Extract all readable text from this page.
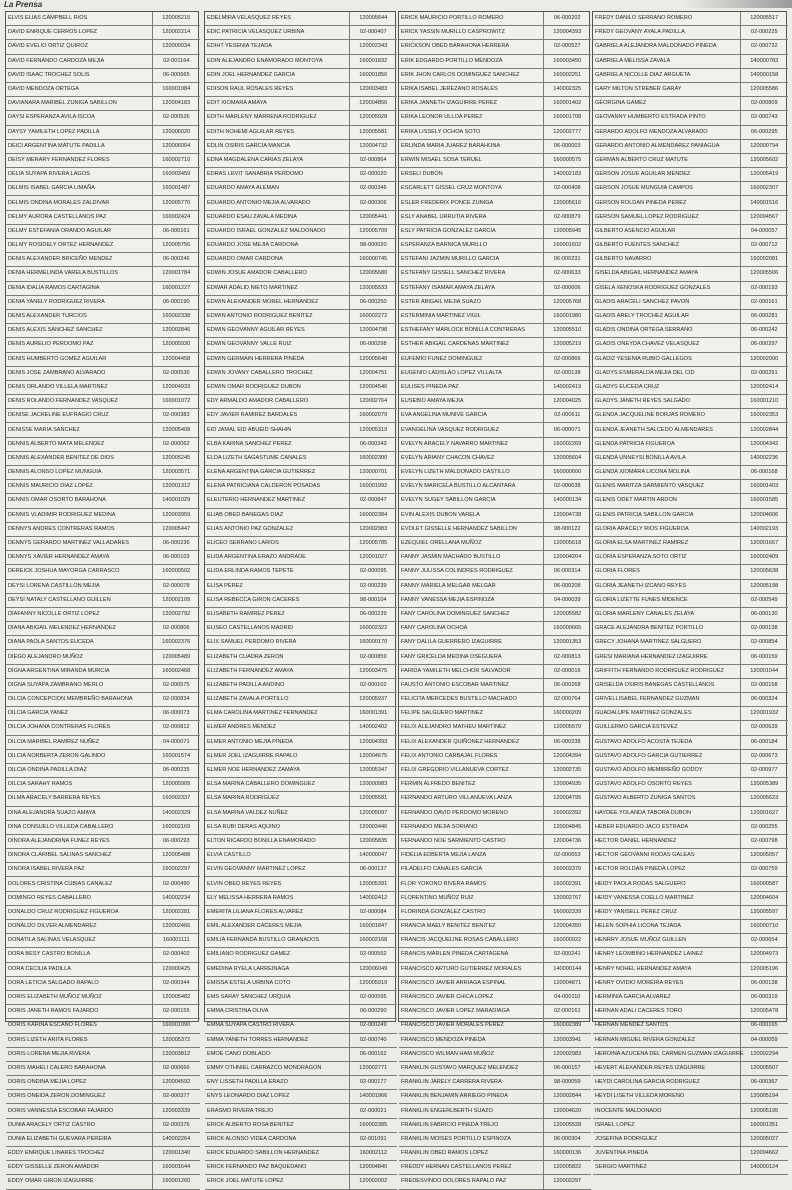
La Prensa
ELVIS ELIAS CAMPBELL RIOS	120005215
DAVID ENRIQUE CERROS LOPEZ	120002214
DAVID EVELIO ORTIZ QUIROZ	120000034
DAVID FERNANDO CARDOZA MEJIA	02-001164
DAVID ISAAC TROCHEZ SOLIS	06-000665
DAVID MENDOZA ORTEGA	160001984
DAVIANARA MARIBEL ZUNIGA SABILLON	120004183
DAYSI ESPERANZA AVILA ISCOA	02-000526
DAYSY YAMILETH LOPEZ PADILLA	120006020
DEICI ARGENTINA MATUTE PADILLA	120006004
DEISY MERARY FERNANDEZ FLORES	160002710
DELIA SUYAPA RIVERA LAGOS	160003459
DELMIS ISABEL GARCIA LIMAÑA	160001487
DELMIS ONDINA MORALES ZALDIVAR	120005770
DELMY AURORA CASTELLANOS PAZ	160002424
DELMY ESTEFANIA ORANDO AGUILAR	06-000161
DELMY ROSIDELY ORTEZ HERNANDEZ	120005756
DENIS ALEXANDER BRICEÑO MENDEZ	06-000246
DENIA HERMELINDA VARELA BUSTILLOS	120001784
DENIA IDALIA RAMOS CARTAGINA	160001227
DENIA YANELY RODRIGUEZ RIVERA	06-000190
DENIS ALEXANDER TURCIOS	160002338
DENIS ALEXIS SANCHEZ SANCHEZ	120002846
DENIS AURELIO PERDOMO PAZ	120005930
DENIS HUMBERTO GOMEZ AGUILAR	120004458
DENIS JOSE ZAMBRANO ALVARADO	02-000536
DENIS ORLANDO VILLELA MARTINEZ	120004933
DENIS ROLANDO FERNANDEZ VASQUEZ	160001072
DENISE JACKELINE EUFRAGIO CRUZ	02-000383
DENISSE MARIA SANCHEZ	120005408
DENNIS ALBERTO MATA MELENDEZ	02-000062
DENNIS ALEXANDER BENITEZ DE DIOS	120005245
DENNIS ALONSO LOPEZ MUNGUIA	120003571
DENNIS MAURICIO DIAZ LOPEZ	120001312
DENNIS OMAR OSORTO BARAHONA	140001029
DENNIS VLADIMIR RODRIGUEZ MEDINA	120003959
DENNYS ANDRES CONTRERAS RAMOS	120005447
DENNYS GERARDO MARTINEZ VALLADARES	06-000236
DENNYS XAVIER HERNANDEZ AMAYA	06-000103
DEREICK JOSHUA MAYORGA CARRASCO	160000502
DEYSI LORENA CASTILLON MEJIA	02-000078
DEYSI NATALY CASTELLANO GUILLEN	120002109
DIAFANNY NICOLLE ORTIZ LOPEZ	120002792
DIANA ABIGAIL MELENDEZ HERNANDEZ	02-000806
DIANA PAOLA SANTOS EUCEDA	160002376
DIEGO ALEJANDRO MUÑOZ	120005489
DIGNA ARGENTINA MIRANDA MURCIA	160002468
DIGNA SUYAPA ZAMBRANO MERLO	02-000575
DILCIA CONCEPCION MEMBREÑO BARAHONA	02-000834
DILCIA GARCIA YANEZ	06-000073
DILCIA JOHANA CONTRERAS FLORES	02-000812
DILCIA MARIBEL RAMIREZ NUÑEZ	04-000071
DILCIA NORBERTA ZERON GALINDO	160001574
DILCIA ONDINA PADILLA DIAZ	06-000235
DILCIA SARAHY RAMOS	120005909
DILMA ARACELY BARRERA REYES	160002337
DINA ALEJANDRA SUAZO AMAYA	140002329
DINA CONSUELO VILLEDA CABALLERO	160002169
DINORA ALEJANDRINA FUNEZ REYES	06-000293
DINORA CLARIBEL SALINAS SANCHEZ	120005488
DINORA ISABEL RIVERA PAZ	160002297
DOLORES CRISTINA CUBIAS CANALEZ	02-000490
DOMINGO REYES CABALLERO	140002234
DONALDO CRUZ RODRIGUEZ FIGUEROA	120002281
DONALDO DILVER ALMENDAREZ	120002466
DONATILA SALINAS VELASQUEZ	160001111
DORA BESY CASTRO BONILLA	02-000402
DORA CECILIA PADILLA	120000425
DORA LETICIA SALGADO RAPALO	02-000344
DORIS ELIZABETH MUÑOZ MUÑOZ	120005482
DORIS JANETH RAMOS FAJARDO	02-000155
DORIS KARINA ESCAÑO FLORES	160001090
DORIS LIZETH ARITA FLORES	120005372
DORIS LORENA MEJIA RIVERA	120003812
DORIS MAHELI CALERO BARAHONA	02-000666
DORIS ONDINA MEJIA LOPEZ	120004592
DORIS ONEIDA ZERON DOMINGUEZ	02-000377
DORIS VANNESSA ESCOBAR FAJARDO	120003339
DUNIA ARACELY ORTIZ CASTRO	02-000376
DUNIA ELIZABETH GUEVARA PEREIRA	140002264
EDDY ENRIQUE LINARES TROCHEZ	120001340
EDDY GISSELLE ZERON AMADOR	160001644
EDDY OMAR GIRON IZAGUIRRE	160001260
EDELMIRA VELASQUEZ REYES	120005644
EDIC PATRICIA VELASQUEZ URBINA	02-000407
EDIHT YESENIA TEJADA	120002343
EDIN ALEJANDRO ENAMORADO MONTOYA	160001832
EDIN JOEL HERNANDEZ GARCIA	160001856
EDISON RAUL ROSALES REYES	120003483
EDIT XIOMARA AMAYA	120004856
EDITH MARLENY MARRENA RODRIGUEZ	120005928
EDITH NOHEMI AGUILAR REYES	120005581
EDLIN OSIRIS GARCIA MANCIA	120004732
EDNA MAGDALENA CARIAS ZELAYA	02-000864
EDRAS LEVIT SANABRIA PERDOMO	02-000020
EDUARDO AMAYA ALEMAN	02-000346
EDUARDO ANTONIO MEJIA ALVARADO	02-000306
EDUARDO ESAU ZAVALA MEDINA	120005441
EDUARDO ISRAEL GONZALEZ MALDONADO	120005709
EDUARDO JOSE MEJIA CARDONA	98-000020
EDUARDO OMAR CARDONA	160000745
EDWIN JOSUE AMADOR CABALLERO	120005680
EDWAR ADALID NIETO MARTINEZ	120005533
EDWIN ALEXANDER MOREL HERNANDEZ	06-000250
EDWIN ANTONIO RODRIGUEZ BENITEZ	160002272
EDWIN GEOVANNY AGUILAR REYES	120004798
EDWIN GEOVANNY VALLE RUIZ	06-000298
EDWIN GERMAIN HERRERA PINEDA	120005648
EDWIN JOVANY CABALLERO TROCHEZ	120004751
EDWIN OMAR RODRIGUEZ DUBON	120004546
EDY ARMALDO AMADOR CABALLERO	120002764
EDY JAVIER RAMIREZ BARDALES	160002079
EID JAMAL EID ABUEID SHAHIN	120005319
ELBA KARINA SANCHEZ PEREZ	06-000343
ELDA LIZETH SAGASTUME CANALES	160002300
ELENA ARGENTINA GARCIA GUTIERREZ	120000701
ELENA PATRICIANA CALDERON POSADAS	160001992
ELEUTERIO HERNANDEZ MARTINEZ	02-000847
ELIAB OBED BANEGAS DIAZ	160002384
ELIAS ANTONIO PAZ GONZALEZ	120002983
ELICEO SERRANO LARIOS	120005785
ELIDA ARGENTINA ERAZO ANDRADE	120001027
ELIDA ERLINDA RAMOS TEPETE	02-000095
ELISA PEREZ	02-000239
ELISA REBECCA GIRON CACERES	98-000104
ELISABETH RAMIREZ PEREZ	06-000239
ELISEO CASTELLANOS MADRID	160002322
ELIX SAMUEL PERDOMO RIVERA	160000170
ELIZABETH CUADRA ZERON	02-000859
ELIZABETH FERNANDEZ AMAYA	120003475
ELIZABETH PADILLA ANDINO	02-000102
ELIZABETH ZAVALA PORTILLO	120005937
ELMA CAROLINA MARTINEZ FERNANDEZ	160001391
ELMER ANDRES MENDEZ	140002402
ELMER ANTONIO MEJIA PINEDA	120004393
ELMER JOEL IZAGUIRRE RAPALO	120004675
ELMER NOE HERNANDEZ ZAMAYA	120005347
ELSA MARINA CABALLERO DOMINGUEZ	120000983
ELSA MARINA RODRIGUEZ	120005581
ELSA MARINA VALDEZ NUÑEZ	120005097
ELSA RUBI DERAS AQUINO	120003446
ELTON RICARDO BONILLA ENAMORADO	120005835
ELVIA CASTILLO	140000047
ELVIN GEOVANNY MARTINEZ LOPEZ	06-000137
ELVIN OBED REYES REYES	120005391
ELY MELISSA HERRERA RAMOS	140002412
EMERITA LILIANA FLORES ALVAREZ	02-000084
EMIL ALEXANDER CACERES MEJIA	160001847
EMILIA FERNANDA BUSTILLO GRANADOS	160002168
EMILIANO RODRIGUEZ GAMEZ	02-000552
EMEDINA RYELA LARREINAGA	120006049
EMISSA ESTELA URBINA COTO	120005919
EMS SARAY SANCHEZ URQUIA	02-000595
EMMA CRISTINA OLIVA	06-000290
EMMA SUYAPA CASTRO RIVERA	02-000249
EMMA YANETH TORRES HERNANDEZ	02-000740
EMOE CANO DOBLADO	06-000162
EMMY OTHNIEL CARRAZCO MONDRAGON	120002771
ENY LISSETH PADILLA ERAZO	02-000177
ENYS LEONARDO DIAZ LOPEZ	140001966
ERASMO RIVERA TREJO	02-000021
ERICK ALBERTO ROSA BENITEZ	160002385
ERICK ALONSO VIDEA CARDONA	02-001091
ERICK EDUARDO SABILLON HERNANDEZ	160002112
ERICK FERNANDO PAZ BAQUEDANO	120004840
ERICK JOEL MATUTE LOPEZ	120002002
ERICK MAURICIO PORTILLO ROMERO	06-000202
ERICK YASSIN MURILLO CASPROWITZ	120004393
ERICKSON OBED BARAHONA HERRERA	02-000527
ERIK EDGARDO PORTILLO MENDOZA	160003450
ERIK JHON CARLOS DOMINGUEZ SANCHEZ	160002251
ERIKA ISABEL JEREZANO ROSALES	140002325
ERIKA JANNETH IZAGUIRRE PEREZ	160001402
ERIKA LEONOR ULLOA PEREZ	160001708
ERIKA LISSELY OCHOA SOTO	120002777
ERLINDA MARIA JUAREZ BARAHONA	06-000003
ERWIN MISAEL SOSA TERUEL	160000575
ERSELI DUBON	140002183
ESCARLETT GISSEL CRUZ MONTOYA	02-000408
ESLER FREDERIX PONCE ZUNIGA	120005616
ESLY ANABEL URRUTIA RIVERA	02-000879
ESLY PATRICIA GONZALEZ GARCIA	120005945
ESPERANZA BARNICA MURILLO	160001602
ESTEFANI JAZMIN MURILLO GARCIA	06-000231
ESTEFANY GISSELL SANCHEZ RIVERA	02-000633
ESTEFANY ISAMAR AMAYA ZELAYA	02-000606
ESTER ABIGAIL MEJIA SUAZO	120005768
ESTERMINIA MARTINEZ VIGIL	160001980
ESTHEFANY MARLOCK BONILLA CONTRERAS	120005510
ESTHER ABIGAIL CARDENAS MARTINEZ	120005219
EUFEMIO FUNEZ DOMINGUEZ	02-000866
EUGENIO LADISLAO LOPEZ VILLALTA	02-000138
EULISES PINEDA PAZ	140002419
EUSEBIO AMAYA MEJIA	120004025
EVA ANGELINA MUNIVE GARCIA	02-000611
EVANGELINA VASQUEZ RODRIGUEZ	06-000071
EVELYN ARACELY NAVARRO MARTINEZ	160002269
EVELYN ARIANY CHACON CHAVEZ	120005604
EVELYN LIZETH MALDONADO CASTILLO	160000600
EVELYN MARICELA BUSTILLO ALCANTARA	02-000638
EVELYN SUGEY SABILLON GARCIA	140000134
EVIN ALEXIS DUBON VARELA	120004738
EVOLET GISSELLE HERNANDEZ SABILLON	98-000122
EZEQUIEL ORELLANA MUÑOZ	120005618
FANNY JASMIN MACHADO BUSTILLO	120004204
FANNY JULISSA COLINDRES RODRIGUEZ	06-000314
FANNY MARIELA MELGAR MELGAR	06-000208
FANNY VANESSA MEJIA ESPINOZA	04-000039
FANY CAROLINA DOMINGUEZ SANCHEZ	120005582
FANY CAROLINA OCHOA	160000665
FANY DALILA GUERRERO IZAGUIRRE	120001353
FANY GRICELDA MEDINA OSEGUERA	02-000813
FARIDA YAMILETH MELCHOR SALVADOR	02-000016
FAUSTO ANTONIO ESCOBAR MARTINEZ	06-000268
FELICITA MERCEDES BUSTILLO MACHADO	02-000764
FELIPE SALGUERO MARTINEZ	160000209
FELIX ALEJANDRO MATHEU MARTINEZ	120005570
FELIX ALEXANDER QUIÑONEZ HERNANDEZ	06-000238
FELIX ANTONIO CARBAJAL FLORES	120004394
FELIX GREGORIO VILLANUEVA CORTEZ	120002735
FERMIN ALFREDO BENITEZ	120004935
FERNANDO ARTURO VILLANUEVA LANZA	120004795
FERNANDO DAVID PERDOMO MORENO	160002392
FERNANDO MEJIA SORIANO	120004845
FERNANDO NOE SARMIENTO CASTRO	120004736
FIDELIA EDBERTA MEJIA LANZA	02-000653
FILADELFO CANALES GARCIA	160002370
FLOR YOKONO RIVERA RAMOS	160002391
FLORENTINO MUÑOZ RUIZ	120002767
FLORINDA GONZALEZ CASTRO	160002339
FRANCIA MAELY BENITEZ BENITEZ	120004350
FRANCIS JACQUELINE ROSAS CABALLERO	160000922
FRANCIS MARLEN PINEDA CARTAGENA	02-000241
FRANCISCO ARTURO GUTIERREZ MORALES	140000144
FRANCISCO JAVIER ARRIAGA ESPINAL	120004871
FRANCISCO JAVIER CHICA LOPEZ	04-000110
FRANCISCO JAVIER LOPEZ MARADIAGA	02-000161
FRANCISCO JAVIER MORALES PEREZ	160002389
FRANCISCO MENDOZA PINEDA	120003941
FRANCISCO WILMAN HAM MUÑOZ	120002983
FRANKLIN GUSTAVO MARQUEZ MELENDEZ	06-000157
FRANKLIN JARELY CARRERA RIVERA	98-000059
FRANKLIN BENJAMIN ARRIEGO PINEDA	120002844
FRANKLIN ENGERLBERTH SUAZO	120004620
FRANKLIN FABRICIO PINEDA TREJO	120005528
FRANKLIN MOISES PORTILLO ESPINOZA	06-000304
FRANKLIN OBED RAMOS LOPEZ	160000136
FREDDY HERNAN CASTELLANOS PEREZ	120005822
FREDESVINDO DOLORES RAPALO PAZ	120002297
FREDY DANILO SERRANO ROMERO	120005517
FREDY GEOVANY AYALA PADILLA	02-000225
GABRIELA ALEJANDRA MALDONADO PINEDA	02-000732
GABRIELA MELISSA ZAVALA	140000783
GABRIELA NICOLLE DIAZ ARGUETA	140000158
GARY MILTON STREBER GARAY	120005586
GEORGINA GAMEZ	02-000809
GEOVANNY HUMBERTO ESTRADA PINTO	02-000743
GERARDO ADOLFO MENDOZA ALVARADO	06-000295
GERARDO ANTONIO ALMENDAREZ PANIAGUA	120000794
GERMAN ALBERTO CRUZ MATUTE	120005602
GERSON JOSUE AGUILAR MENDEZ	120005419
GERSON JOSUE MUNGUIA CAMPOS	160002307
GERSON ROLDAN PINEDA PEREZ	140001516
GERSON SAMUEL LOPEZ RODRIGUEZ	120004567
GILBERTO ASENCIO AGUILAR	04-000057
GILBERTO FUENTES SANCHEZ	02-000712
GILBERTO NAVARRO	160002081
GISELDA ABIGAIL HERNANDEZ AMAYA	120005506
GISELA XENOSKA RODRIGUEZ GONZALES	02-000193
GLADIS ARACELI SANCHEZ PAVON	02-000161
GLADIS ARELY TROCHEZ AGUILAR	06-000281
GLADIS ONDINA ORTEGA SERRANO	06-000242
GLADIS ONEYDA CHAVEZ VELASQUEZ	06-000297
GLADIZ YESENIA RUBIO GALLEGOS	120002000
GLADYS ESMERALDA MEJIA DEL CID	02-000291
GLADYS EUCEDA CRUZ	120002414
GLADYS JANETH REYES SALGADO	160001210
GLENDA JACQUELINE BORJAS ROMERO	160002353
GLENDA JEANETH SALCEDO ALMENDARES	120002844
GLENDA PATRICIA FIGUEROA	120004342
GLENDA UNNEYSI BONILLA AVILA	140002236
GLENDA XIOMARA LICONA MOLINA	06-000168
GLENIS MARITZA SARMIENTO VASQUEZ	160001403
GLENIS ODET MARTIN ARDON	160001585
GLENIS PATRICIA SABILLON GARCIA	120004606
GLORIA ARACELY RIOS FIGUEROA	140002193
GLORIA ELSA MARTINEZ RAMIREZ	120001667
GLORIA ESPERANZA SOTO ORTIZ	160002409
GLORIA FLORES	120005638
GLORIA JEANETH IZCANO REYES	120005198
GLORIA LIZETTE FUNES MIDENCE	02-000549
GLORIA MARLENY CANALES ZELAYA	06-000130
GRACE ALEJANDRA BENITEZ PORTILLO	02-000138
GRECY JOHANA MARTINEZ SALGUERO	02-000854
GRESI MARIANA HERNANDEZ IZAGUIRRE	06-000159
GRIFFITH FERNANDO RODRIGUEZ RODRIGUEZ	120001044
GRISELDA OSIRIS BANEGAS CASTELLANOS	02-000158
GRIVELLISABEL FERNANDEZ GUZMAN	06-000324
GUADALUPE MARTINEZ GONZALES	120001932
GUILLERMO GARCIA ESTEVEZ	02-000639
GUSTAVO ADOLFO ACOSTA TEJEDA	06-000184
GUSTAVO ADOLFO GARCIA GUTIERREZ	02-000673
GUSTAVO ADOLFO MEMBREÑO GODOY	02-000977
GUSTAVO ADOLFO OSORTO REYES	120005389
GUSTAVO ALBERTO ZUNIGA SANTOS	120005623
HAYDEE YOLANDA TABORA DUBON	120001627
HEBER EDUARDO JACO ESTRADA	02-000255
HECTOR DANIEL HERNANDEZ	02-000798
HECTOR GEOVANNI RODAS GALEAS	120005057
HECTOR ROLDAN PINEDA LOPEZ	02-000759
HEIDY PAOLA RODAS SALGUERO	160000587
HEIDY VANESSA COELLO MARTINEZ	120004604
HEIDY YANISELL PEREZ CRUZ	120005597
HELEN SOPHIA LICONA TEJADA	160000710
HENRRY JOSUE MUÑOZ GUILLEN	02-000654
HENRY LEOMBINO HERNANDEZ LAINEZ	120004973
HENRY NOHEL HERNANDEZ AMAYA	120005196
HENRY OVIDIO MOREIRA REYES	06-000138
HERMINIA GARCIA ALVAREZ	06-000319
HERNAN ADALI CACERES TORO	120005478
HERNAN MENDEZ SANTOS	06-000165
HERNAN MIGUEL RIVERA GONZALEZ	04-000059
HEROINA AZUCENA DEL CARMEN GUZMAN IZAGUIRRE	120002294
HEVERT ALEXANDER REYES IZAGUIRRE	120005507
HEYDI CAROLINA GARCIA RODRIGUEZ	06-000367
HEYDI LISETH VILLEDA MORENO	120005194
INOCENTE MALDONADO	120005195
ISRAEL LOPEZ	160001351
JOSEFINA RODRIGUEZ	120005027
JUVENTINA PINEDA	120004662
SERGIO MARTINEZ	140000124
